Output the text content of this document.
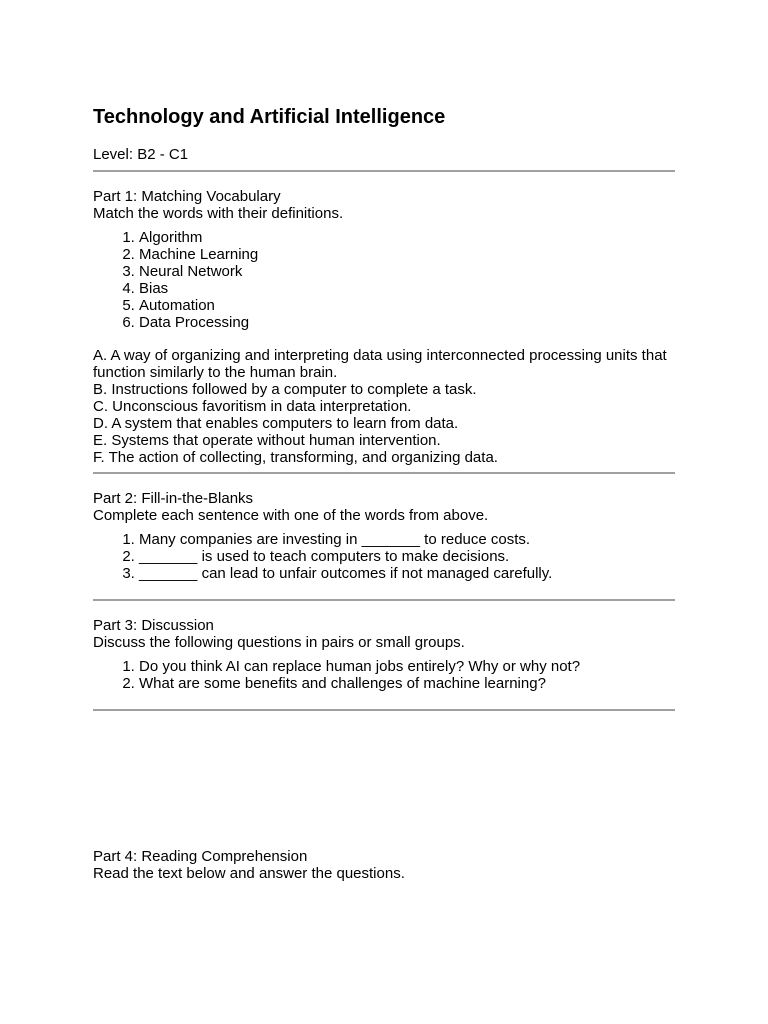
Technology and Artificial Intelligence

Level: B2 - C1

Part 1: Matching Vocabulary

Match the words with their definitions.

1. Algorithm
2. Machine Learning
3. Neural Network
4. Bias
5. Automation
6. Data Processing

A. A way of organizing and interpreting data using interconnected processing units that function similarly to the human brain.

B. Instructions followed by a computer to complete a task.

C. Unconscious favoritism in data interpretation.

D. A system that enables computers to learn from data.

E. Systems that operate without human intervention.

F. The action of collecting, transforming, and organizing data.

Part 2: Fill-in-the-Blanks

Complete each sentence with one of the words from above.

1. Many companies are investing in _______ to reduce costs.
2. _______ is used to teach computers to make decisions.
3. _______ can lead to unfair outcomes if not managed carefully.

Part 3: Discussion

Discuss the following questions in pairs or small groups.

1. Do you think AI can replace human jobs entirely? Why or why not?
2. What are some benefits and challenges of machine learning?

Part 4: Reading Comprehension

Read the text below and answer the questions.
